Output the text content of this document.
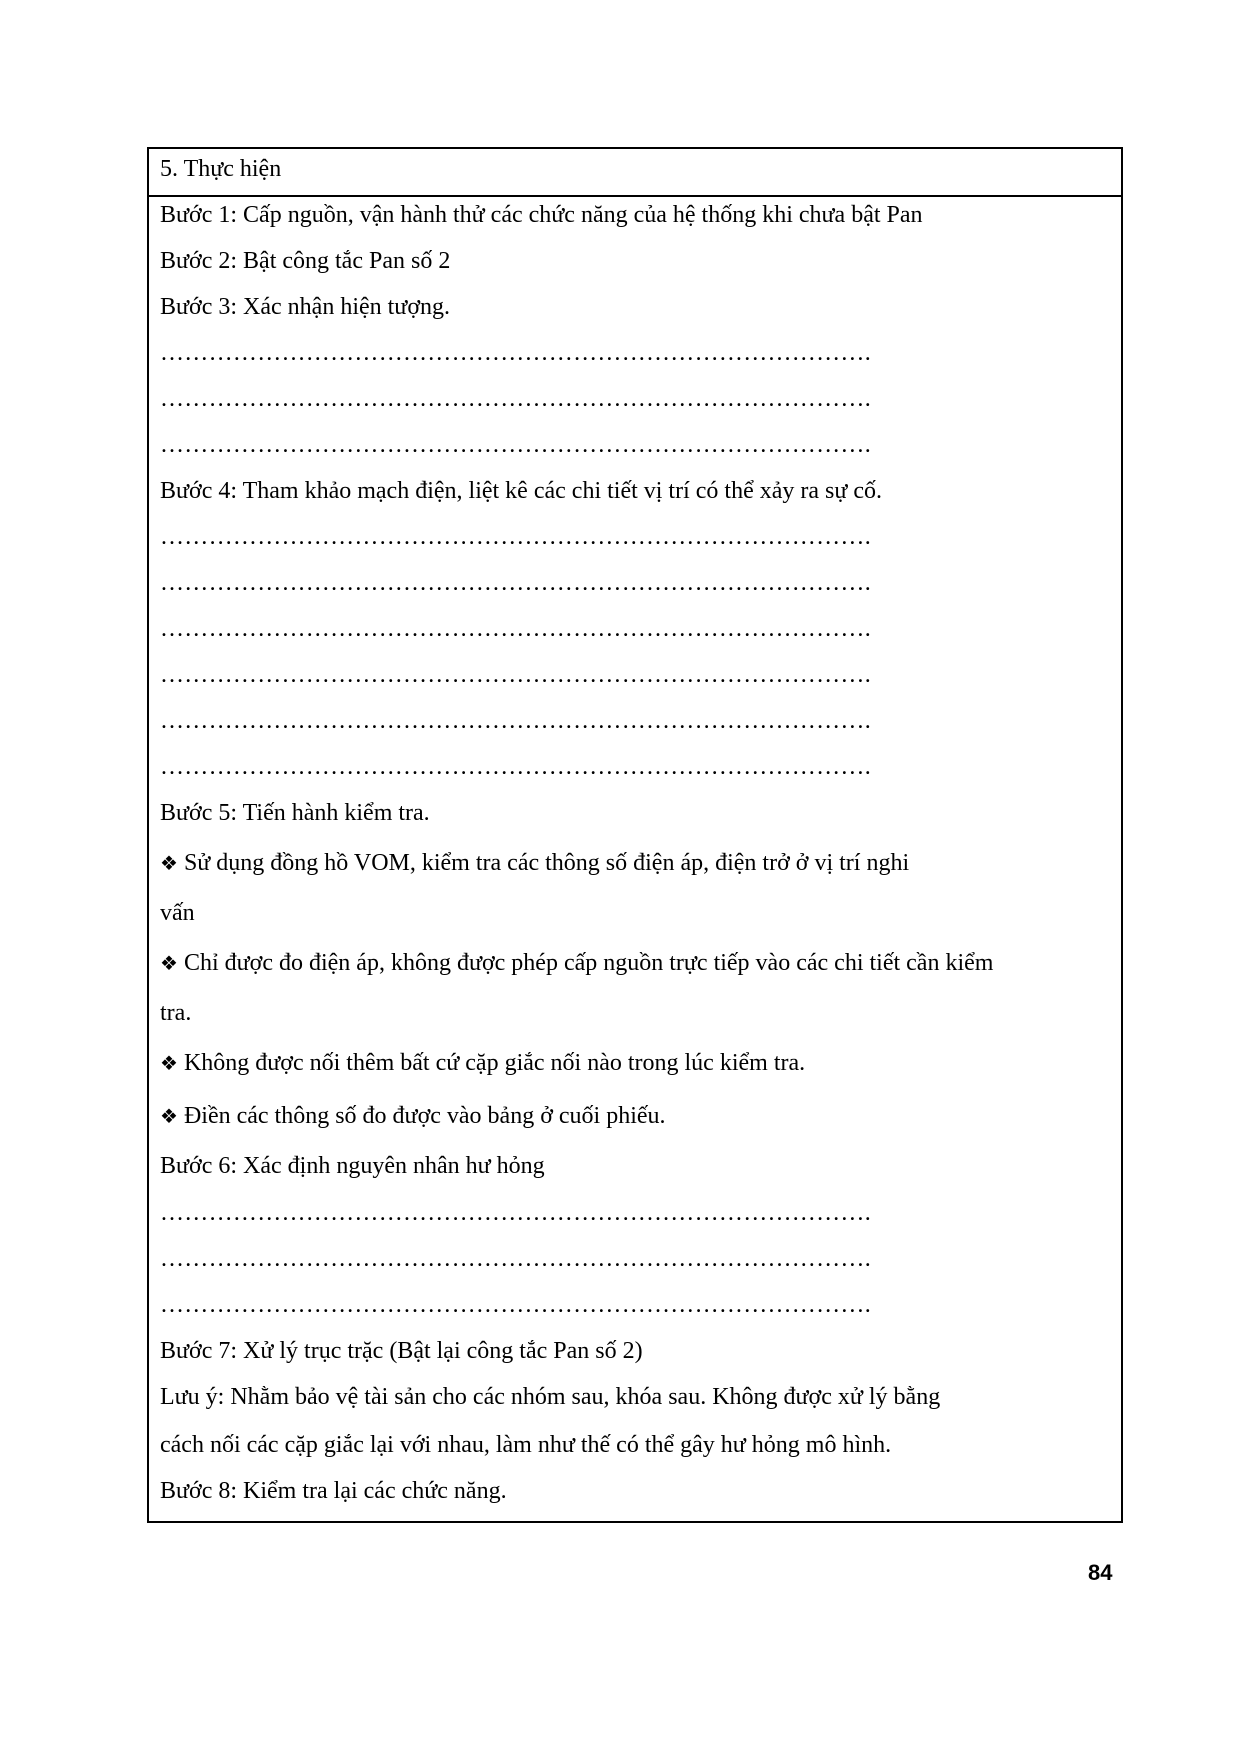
5. Thực hiện
Bước 1: Cấp nguồn, vận hành thử các chức năng của hệ thống khi chưa bật Pan
Bước 2: Bật công tắc Pan số 2
Bước 3: Xác nhận hiện tượng.
…………………………………………………………………………….
…………………………………………………………………………….
…………………………………………………………………………….
Bước 4: Tham khảo mạch điện, liệt kê các chi tiết vị trí có thể xảy ra sự cố.
…………………………………………………………………………….
…………………………………………………………………………….
…………………………………………………………………………….
…………………………………………………………………………….
…………………………………………………………………………….
…………………………………………………………………………….
Bước 5: Tiến hành kiểm tra.
❖ Sử dụng đồng hồ VOM, kiểm tra các thông số điện áp, điện trở ở vị trí nghi
vấn
❖ Chỉ được đo điện áp, không được phép cấp nguồn trực tiếp vào các chi tiết cần kiểm
tra.
❖ Không được nối thêm bất cứ cặp giắc nối nào trong lúc kiểm tra.
❖ Điền các thông số đo được vào bảng ở cuối phiếu.
Bước 6: Xác định nguyên nhân hư hỏng
…………………………………………………………………………….
…………………………………………………………………………….
…………………………………………………………………………….
Bước 7: Xử lý trục trặc (Bật lại công tắc Pan số 2)
Lưu ý: Nhằm bảo vệ tài sản cho các nhóm sau, khóa sau. Không được xử lý bằng
cách nối các cặp giắc lại với nhau, làm như thế có thể gây hư hỏng mô hình.
Bước 8: Kiểm tra lại các chức năng.
84
